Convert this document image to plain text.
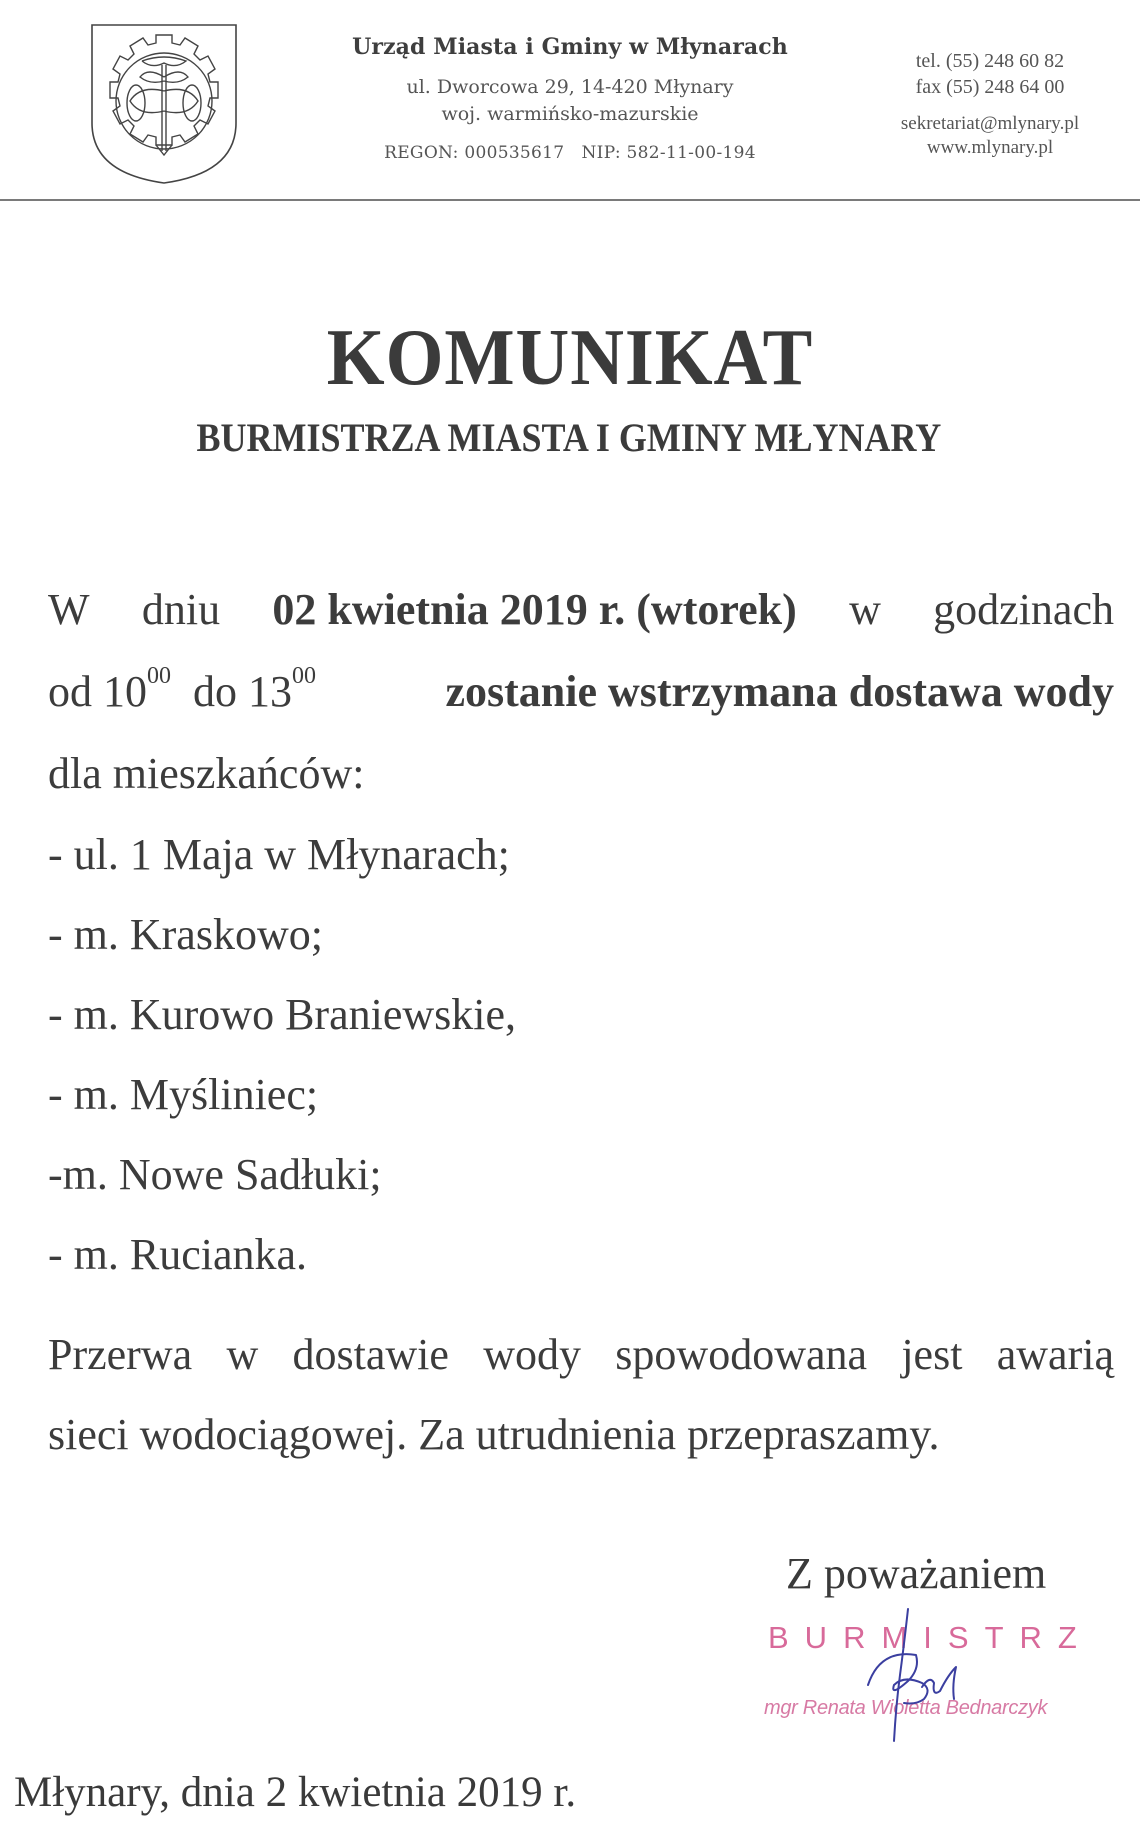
Urząd Miasta i Gminy w Młynarach
ul. Dworcowa 29, 14-420 Młynary
woj. warmińsko-mazurskie
REGON: 000535617   NIP: 582-11-00-194
tel. (55) 248 60 82
fax (55) 248 64 00
sekretariat@mlynary.pl
www.mlynary.pl
KOMUNIKAT
BURMISTRZA MIASTA I GMINY MŁYNARY
W dniu 02 kwietnia 2019 r. (wtorek) w godzinach
od $10^{00}$ do $13^{00}$	zostanie wstrzymana dostawa wody
dla mieszkańców:
- ul. 1 Maja w Młynarach;
- m. Kraskowo;
- m. Kurowo Braniewskie,
- m. Myśliniec;
-m. Nowe Sadłuki;
- m. Rucianka.
Przerwa w dostawie wody spowodowana jest awarią
sieci wodociągowej. Za utrudnienia przepraszamy.
Z poważaniem
BURMISTRZ
mgr Renata Wioletta Bednarczyk
Młynary, dnia 2 kwietnia 2019 r.
